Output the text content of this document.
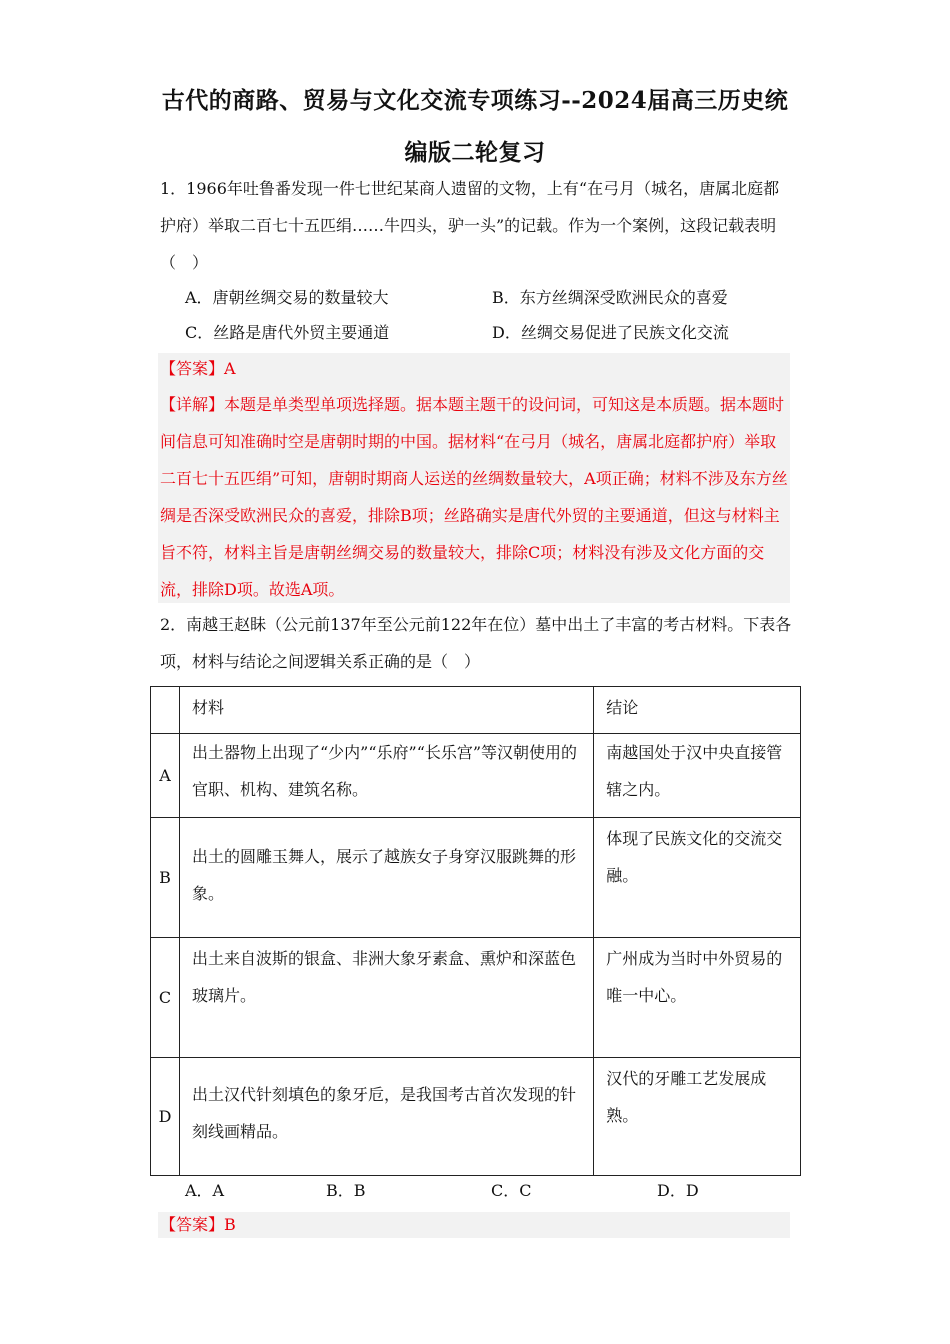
古代的商路、贸易与文化交流专项练习--2024届高三历史统
编版二轮复习
1．1966年吐鲁番发现一件七世纪某商人遗留的文物，上有“在弓月（城名，唐属北庭都护府）举取二百七十五匹绢……牛四头，驴一头”的记载。作为一个案例，这段记载表明（　）
A．唐朝丝绸交易的数量较大	B．东方丝绸深受欧洲民众的喜爱
C．丝路是唐代外贸主要通道	D．丝绸交易促进了民族文化交流
【答案】A
【详解】本题是单类型单项选择题。据本题主题干的设问词，可知这是本质题。据本题时间信息可知准确时空是唐朝时期的中国。据材料“在弓月（城名，唐属北庭都护府）举取二百七十五匹绢”可知，唐朝时期商人运送的丝绸数量较大，A项正确；材料不涉及东方丝绸是否深受欧洲民众的喜爱，排除B项；丝路确实是唐代外贸的主要通道，但这与材料主旨不符，材料主旨是唐朝丝绸交易的数量较大，排除C项；材料没有涉及文化方面的交流，排除D项。故选A项。
2．南越王赵眛（公元前137年至公元前122年在位）墓中出土了丰富的考古材料。下表各项，材料与结论之间逻辑关系正确的是（　）

	材料	结论

A	出土器物上出现了“少内”“乐府”“长乐宫”等汉朝使用的官职、机构、建筑名称。	南越国处于汉中央直接管辖之内。

B	出土的圆雕玉舞人，展示了越族女子身穿汉服跳舞的形象。	体现了民族文化的交流交融。

C	出土来自波斯的银盒、非洲大象牙素盒、熏炉和深蓝色玻璃片。	广州成为当时中外贸易的唯一中心。

D	出土汉代针刻填色的象牙卮，是我国考古首次发现的针刻线画精品。	汉代的牙雕工艺发展成熟。
A．A	B．B	C．C	D．D
【答案】B
